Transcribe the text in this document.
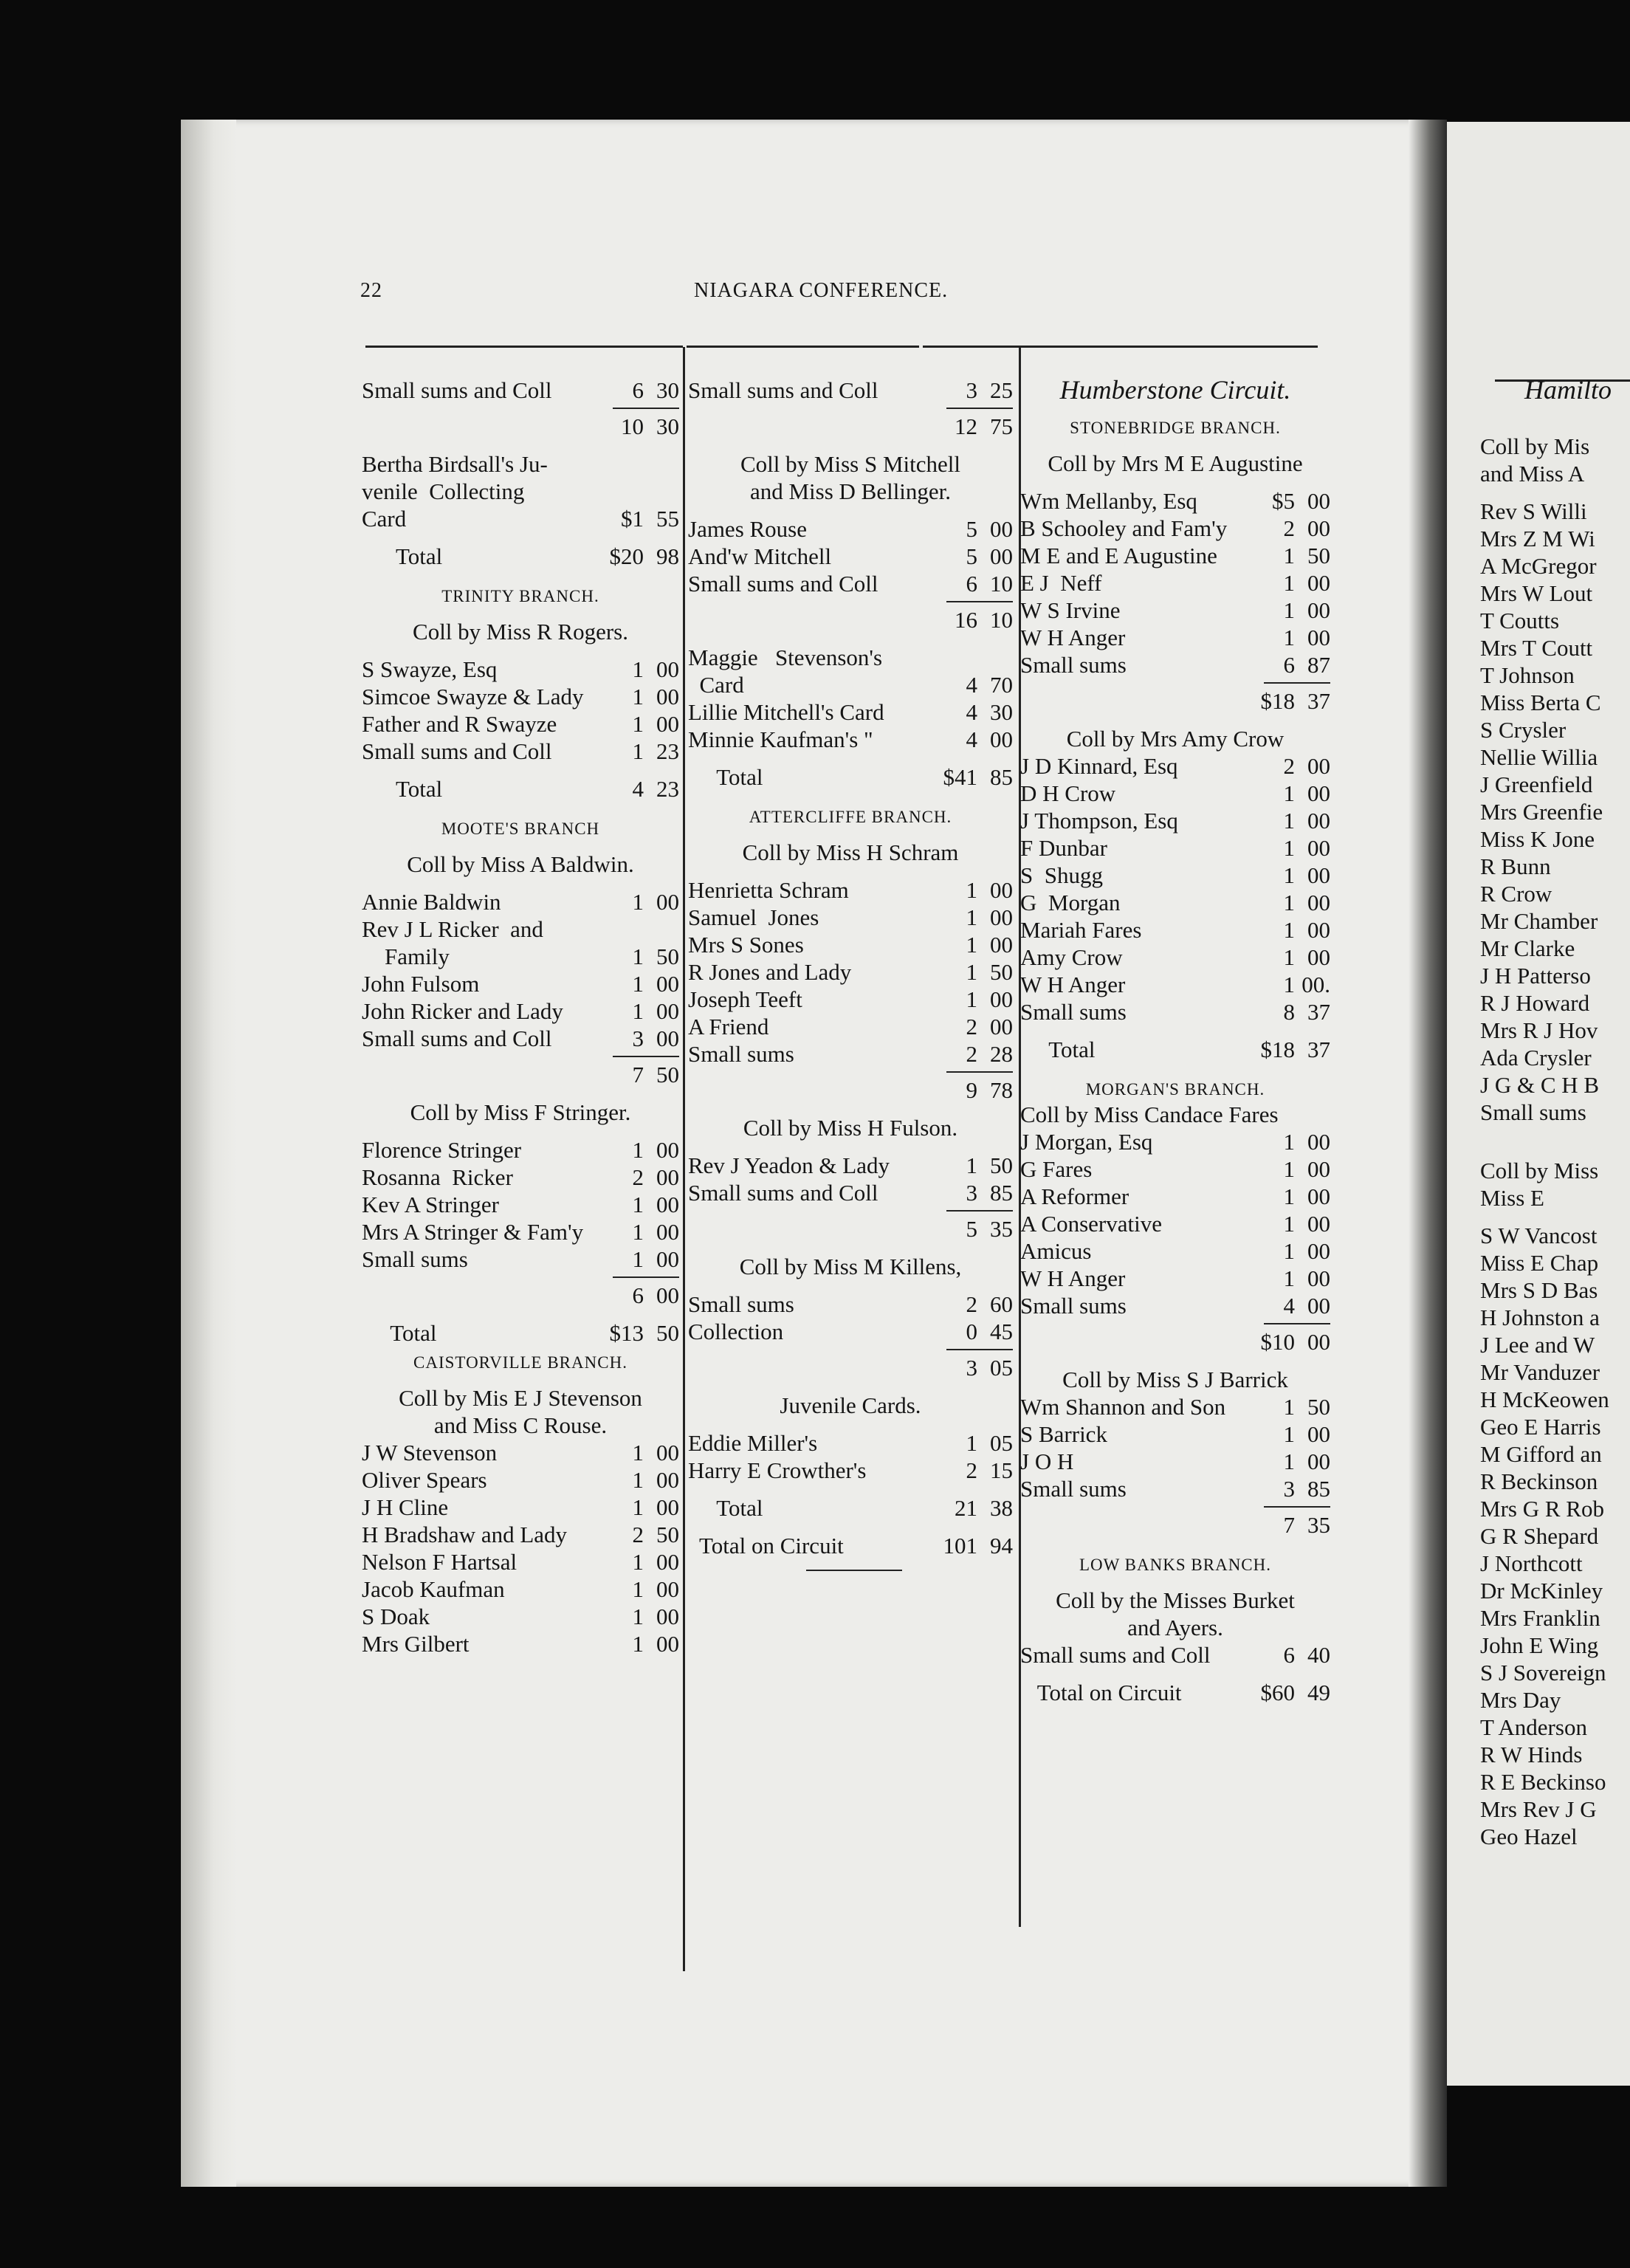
22	NIAGARA CONFERENCE.
Small sums and Coll	6 30
10 30
Bertha Birdsall's Ju-
venile  Collecting
Card	$1 55
Total	$20 98
TRINITY BRANCH.
Coll by Miss R Rogers.
S Swayze, Esq	1 00
Simcoe Swayze & Lady 1 00
Father and R Swayze	1 00
Small sums and Coll	1 23
Total	4 23
MOOTE'S BRANCH
Coll by Miss A Baldwin.
Annie Baldwin	1 00
Rev J L Ricker  and
Family	1 50
John Fulsom	1 00
John Ricker and Lady	1 00
Small sums and Coll	3 00
7 50
Coll by Miss F Stringer.
Florence Stringer	1 00
Rosanna  Ricker	2 00
Kev A Stringer	1 00
Mrs A Stringer & Fam'y 1 00
Small sums	1 00
6 00
Total	$13 50
CAISTORVILLE BRANCH.
Coll by Mis E J Stevenson
and Miss C Rouse.
J W Stevenson	1 00
Oliver Spears	1 00
J H Cline	1 00
H Bradshaw and Lady	2 50
Nelson F Hartsal	1 00
Jacob Kaufman	1 00
S Doak	1 00
Mrs Gilbert	1 00
Small sums and Coll	3 25
12 75
Coll by Miss S Mitchell
and Miss D Bellinger.
James Rouse	5 00
And'w Mitchell	5 00
Small sums and Coll	6 10
16 10
Maggie   Stevenson's
Card	4 70
Lillie Mitchell's Card	4 30
Minnie Kaufman's "	4 00
Total	$41 85
ATTERCLIFFE BRANCH.
Coll by Miss H Schram
Henrietta Schram	1 00
Samuel  Jones	1 00
Mrs S Sones	1 00
R Jones and Lady	1 50
Joseph Teeft	1 00
A Friend	2 00
Small sums	2 28
9 78
Coll by Miss H Fulson.
Rev J Yeadon & Lady	1 50
Small sums and Coll	3 85
5 35
Coll by Miss M Killens,
Small sums	2 60
Collection	0 45
3 05
Juvenile Cards.
Eddie Miller's	1 05
Harry E Crowther's	2 15
Total	21 38
Total on Circuit	101 94
Humberstone Circuit.
STONEBRIDGE BRANCH.
Coll by Mrs M E Augustine
Wm Mellanby, Esq	$5 00
B Schooley and Fam'y 2 00
M E and E Augustine	1 50
E J  Neff	1 00
W S Irvine	1 00
W H Anger	1 00
Small sums	6 87
$18 37
Coll by Mrs Amy Crow
J D Kinnard, Esq	2 00
D H Crow	1 00
J Thompson, Esq	1 00
F Dunbar	1 00
S  Shugg	1 00
G  Morgan	1 00
Mariah Fares	1 00
Amy Crow	1 00
W H Anger	1 00.
Small sums	8 37
Total	$18 37
MORGAN'S BRANCH.
Coll by Miss Candace Fares
J Morgan, Esq	1 00
G Fares	1 00
A Reformer	1 00
A Conservative	1 00
Amicus	1 00
W H Anger	1 00
Small sums	4 00
$10 00
Coll by Miss S J Barrick
Wm Shannon and Son	1 50
S Barrick	1 00
J O H	1 00
Small sums	3 85
7 35
LOW BANKS BRANCH.
Coll by the Misses Burket
and Ayers.
Small sums and Coll	6 40
Total on Circuit	$60 49
Hamilto
Coll by Mis
and Miss A
Rev S Willi
Mrs Z M Wi
A McGregor
Mrs W Lout
T Coutts
Mrs T Coutt
T Johnson
Miss Berta C
S Crysler
Nellie Willia
J Greenfield
Mrs Greenfie
Miss K Jone
R Bunn
R Crow
Mr Chamber
Mr Clarke
J H Patterso
R J Howard
Mrs R J Hov
Ada Crysler
J G & C H B
Small sums
Coll by Miss
Miss E
S W Vancost
Miss E Chap
Mrs S D Bas
H Johnston a
J Lee and W
Mr Vanduzer
H McKeowen
Geo E Harris
M Gifford an
R Beckinson
Mrs G R Rob
G R Shepard
J Northcott
Dr McKinley
Mrs Franklin
John E Wing
S J Sovereign
Mrs Day
T Anderson
R W Hinds
R E Beckinso
Mrs Rev J G
Geo Hazel
